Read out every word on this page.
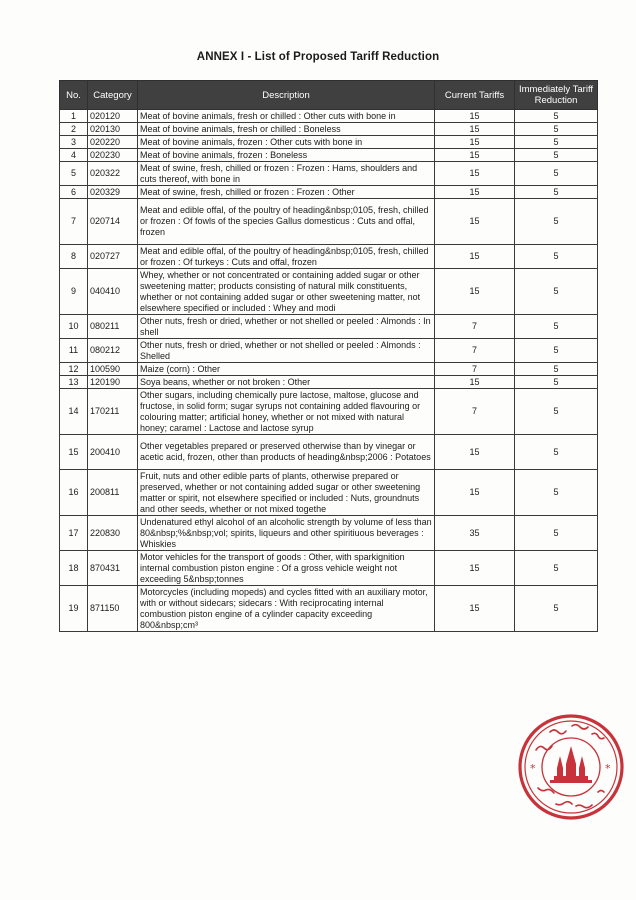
ANNEX I - List of Proposed Tariff Reduction
No.	Category	Description	Current Tariffs	Immediately Tariff Reduction
1	020120	Meat of bovine animals, fresh or chilled : Other cuts with bone in	15	5
2	020130	Meat of bovine animals, fresh or chilled : Boneless	15	5
3	020220	Meat of bovine animals, frozen : Other cuts with bone in	15	5
4	020230	Meat of bovine animals, frozen : Boneless	15	5
5	020322	Meat of swine, fresh, chilled or frozen : Frozen : Hams, shoulders and cuts thereof, with bone in	15	5
6	020329	Meat of swine, fresh, chilled or frozen : Frozen : Other	15	5
7	020714	Meat and edible offal, of the poultry of heading&nbsp;0105, fresh, chilled or frozen : Of fowls of the species Gallus domesticus : Cuts and offal, frozen	15	5
8	020727	Meat and edible offal, of the poultry of heading&nbsp;0105, fresh, chilled or frozen : Of turkeys : Cuts and offal, frozen	15	5
9	040410	Whey, whether or not concentrated or containing added sugar or other sweetening matter; products consisting of natural milk constituents, whether or not containing added sugar or other sweetening matter, not elsewhere specified or included : Whey and modi	15	5
10	080211	Other nuts, fresh or dried, whether or not shelled or peeled : Almonds : In shell	7	5
11	080212	Other nuts, fresh or dried, whether or not shelled or peeled : Almonds : Shelled	7	5
12	100590	Maize (corn) : Other	7	5
13	120190	Soya beans, whether or not broken : Other	15	5
14	170211	Other sugars, including chemically pure lactose, maltose, glucose and fructose, in solid form; sugar syrups not containing added flavouring or colouring matter; artificial honey, whether or not mixed with natural honey; caramel : Lactose and lactose syrup	7	5
15	200410	Other vegetables prepared or preserved otherwise than by vinegar or acetic acid, frozen, other than products of heading&nbsp;2006 : Potatoes	15	5
16	200811	Fruit, nuts and other edible parts of plants, otherwise prepared or preserved, whether or not containing added sugar or other sweetening matter or spirit, not elsewhere specified or included : Nuts, groundnuts and other seeds, whether or not mixed togethe	15	5
17	220830	Undenatured ethyl alcohol of an alcoholic strength by volume of less than 80&nbsp;%&nbsp;vol; spirits, liqueurs and other spiritiuous beverages : Whiskies	35	5
18	870431	Motor vehicles for the transport of goods : Other, with sparkignition internal combustion piston engine : Of a gross vehicle weight not exceeding 5&nbsp;tonnes	15	5
19	871150	Motorcycles (including mopeds) and cycles fitted with an auxiliary motor, with or without sidecars; sidecars : With reciprocating internal combustion piston engine of a cylinder capacity exceeding 800&nbsp;cm³	15	5
*	*
